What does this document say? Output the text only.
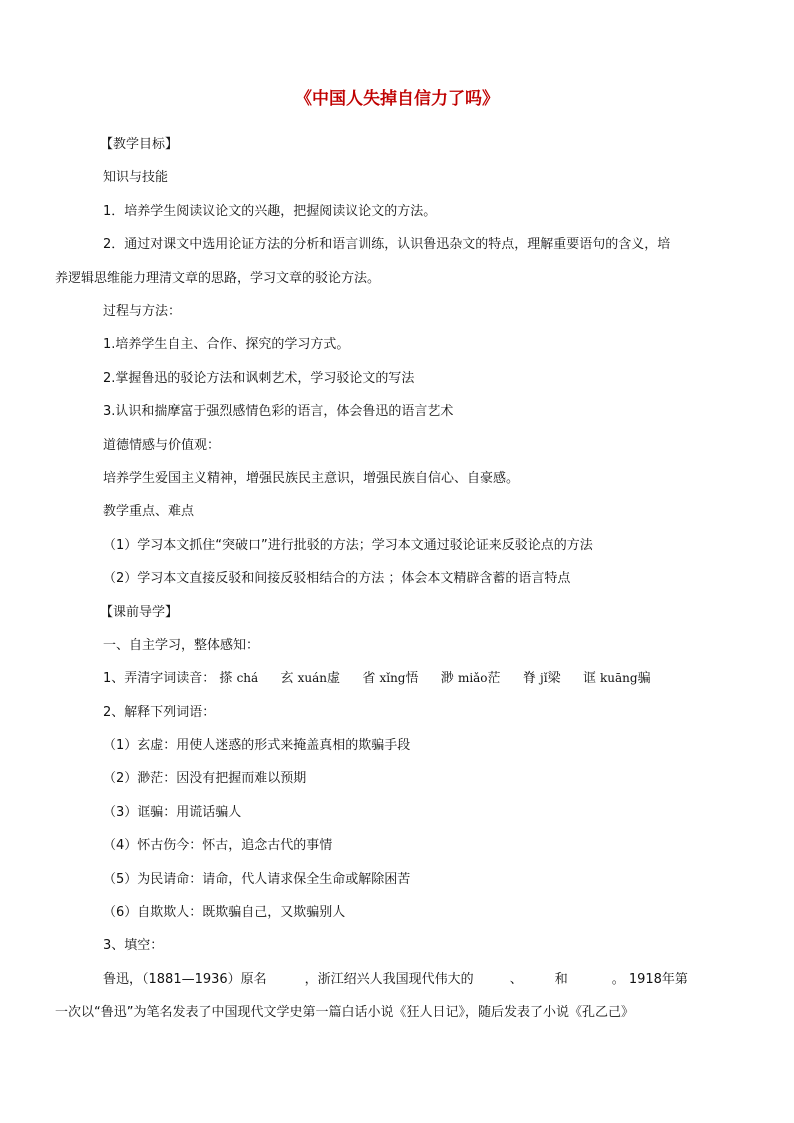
《中国人失掉自信力了吗》
【教学目标】
知识与技能
1．培养学生阅读议论文的兴趣，把握阅读议论文的方法。
2．通过对课文中选用论证方法的分析和语言训练，认识鲁迅杂文的特点，理解重要语句的含义，培
养逻辑思维能力理清文章的思路，学习文章的驳论方法。
过程与方法：
1.培养学生自主、合作、探究的学习方式。
2.掌握鲁迅的驳论方法和讽刺艺术，学习驳论文的写法
3.认识和揣摩富于强烈感情色彩的语言，体会鲁迅的语言艺术
道德情感与价值观：
培养学生爱国主义精神，增强民族民主意识，增强民族自信心、自豪感。
教学重点、难点
（1）学习本文抓住“突破口”进行批驳的方法；学习本文通过驳论证来反驳论点的方法
（2）学习本文直接反驳和间接反驳相结合的方法 ；体会本文精辟含蓄的语言特点
【课前导学】
一、自主学习，整体感知：
1、弄清字词读音： 搽 chá 玄 xuán虚 省 xǐng悟 渺 miǎo茫 脊 jǐ梁 诓 kuāng骗
2、解释下列词语：
（1）玄虚：用使人迷惑的形式来掩盖真相的欺骗手段
（2）渺茫：因没有把握而难以预期
（3）诓骗：用谎话骗人
（4）怀古伤今：怀古，追念古代的事情
（5）为民请命：请命，代人请求保全生命或解除困苦
（6）自欺欺人：既欺骗自己，又欺骗别人
3、填空：
鲁迅，（1881—1936）原名	，浙江绍兴人我国现代伟大的	、 和	。 1918年第
一次以“鲁迅”为笔名发表了中国现代文学史第一篇白话小说《狂人日记》，随后发表了小说《孔乙己》
